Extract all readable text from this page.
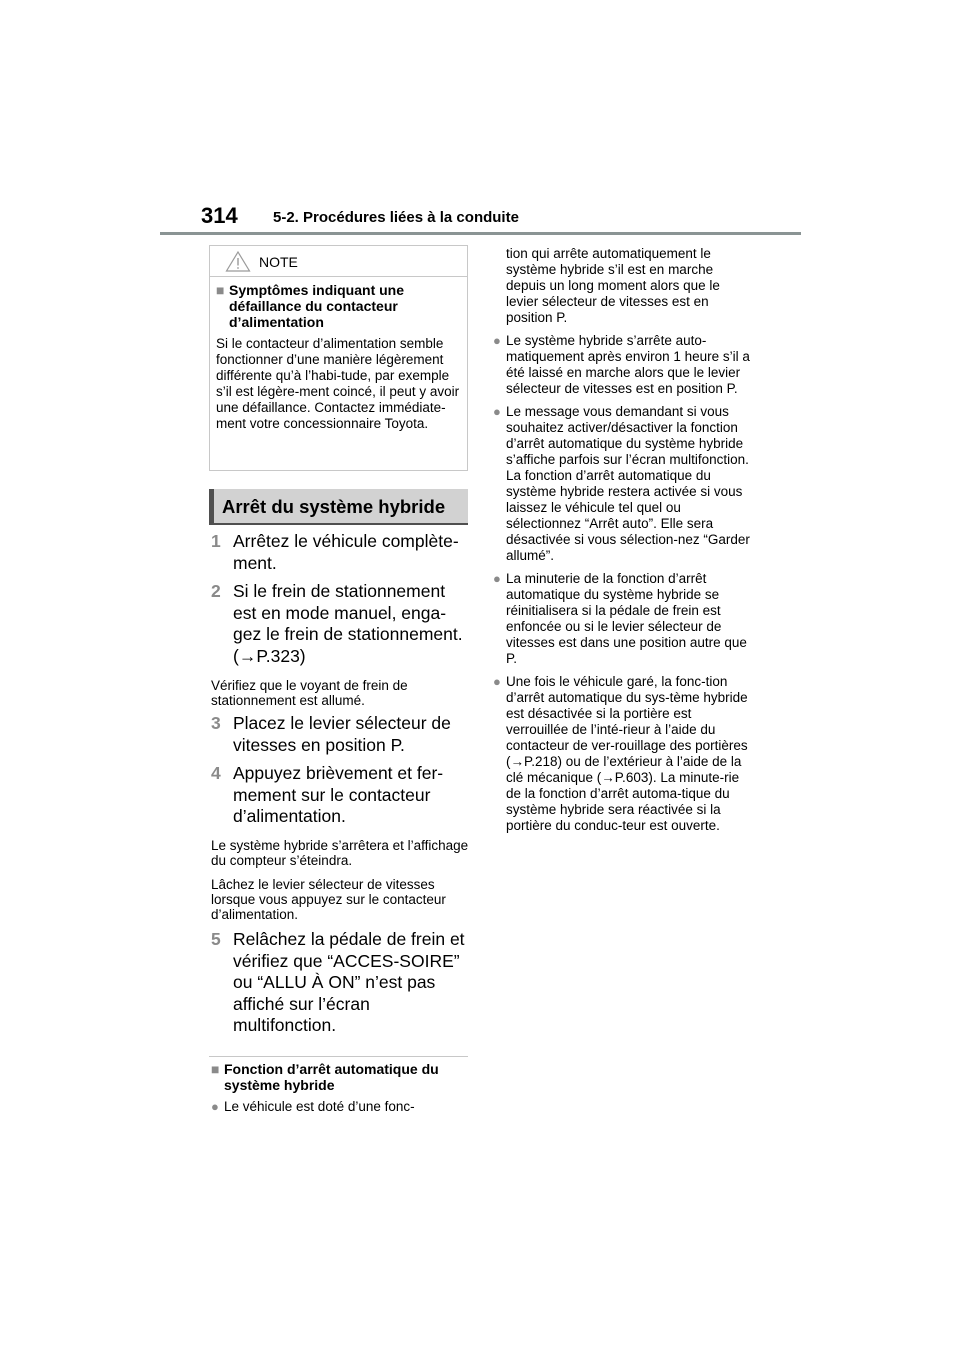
314 5-2. Procédures liées à la conduite
NOTE
■ Symptômes indiquant une défaillance du contacteur d’alimentation
Si le contacteur d’alimentation semble fonctionner d’une manière légèrement différente qu’à l’habi-tude, par exemple s’il est légère-ment coincé, il peut y avoir une défaillance. Contactez immédiate-ment votre concessionnaire Toyota.
Arrêt du système hybride
1 Arrêtez le véhicule complète-ment.
2 Si le frein de stationnement est en mode manuel, enga-gez le frein de stationnement. (→P.323)
Vérifiez que le voyant de frein de stationnement est allumé.
3 Placez le levier sélecteur de vitesses en position P.
4 Appuyez brièvement et fer-mement sur le contacteur d’alimentation.
Le système hybride s’arrêtera et l’affichage du compteur s’éteindra.
Lâchez le levier sélecteur de vitesses lorsque vous appuyez sur le contacteur d’alimentation.
5 Relâchez la pédale de frein et vérifiez que “ACCES-SOIRE” ou “ALLU À ON” n’est pas affiché sur l’écran multifonction.
■ Fonction d’arrêt automatique du système hybride
● Le véhicule est doté d’une fonc-
tion qui arrête automatiquement le système hybride s’il est en marche depuis un long moment alors que le levier sélecteur de vitesses est en position P.
● Le système hybride s’arrête auto-matiquement après environ 1 heure s’il a été laissé en marche alors que le levier sélecteur de vitesses est en position P.
● Le message vous demandant si vous souhaitez activer/désactiver la fonction d’arrêt automatique du système hybride s’affiche parfois sur l’écran multifonction.

La fonction d’arrêt automatique du système hybride restera activée si vous laissez le véhicule tel quel ou sélectionnez “Arrêt auto”. Elle sera désactivée si vous sélection-nez “Garder allumé”.

● La minuterie de la fonction d’arrêt automatique du système hybride se réinitialisera si la pédale de frein est enfoncée ou si le levier sélecteur de vitesses est dans une position autre que P.
● Une fois le véhicule garé, la fonc-tion d’arrêt automatique du sys-tème hybride est désactivée si la portière est verrouillée de l’inté-rieur à l’aide du contacteur de ver-rouillage des portières (→P.218) ou de l’extérieur à l’aide de la clé mécanique (→P.603). La minute-rie de la fonction d’arrêt automa-tique du système hybride sera réactivée si la portière du conduc-teur est ouverte.
